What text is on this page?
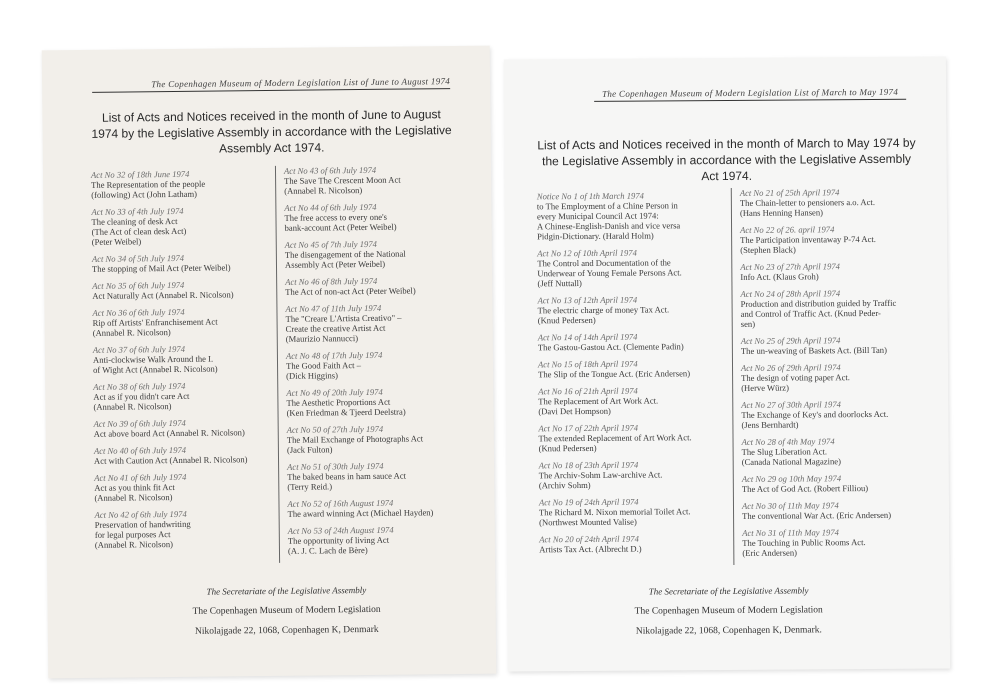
The Copenhagen Museum of Modern Legislation List of June to August 1974
List of Acts and Notices received in the month of June to August 1974 by the Legislative Assembly in accordance with the Legislative Assembly Act 1974.
Act No 32 of 18th June 1974
The Representation of the people
(following) Act (John Latham)
Act No 33 of 4th July 1974
The cleaning of desk Act
(The Act of clean desk Act)
(Peter Weibel)
Act No 34 of 5th July 1974
The stopping of Mail Act (Peter Weibel)
Act No 35 of 6th July 1974
Act Naturally Act (Annabel R. Nicolson)
Act No 36 of 6th July 1974
Rip off Artists' Enfranchisement Act
(Annabel R. Nicolson)
Act No 37 of 6th July 1974
Anti-clockwise Walk Around the I.
of Wight Act (Annabel R. Nicolson)
Act No 38 of 6th July 1974
Act as if you didn't care Act
(Annabel R. Nicolson)
Act No 39 of 6th July 1974
Act above board Act (Annabel R. Nicolson)
Act No 40 of 6th July 1974
Act with Caution Act (Annabel R. Nicolson)
Act No 41 of 6th July 1974
Act as you think fit Act
(Annabel R. Nicolson)
Act No 42 of 6th July 1974
Preservation of handwriting
for legal purposes Act
(Annabel R. Nicolson)
Act No 43 of 6th July 1974
The Save The Crescent Moon Act
(Annabel R. Nicolson)
Act No 44 of 6th July 1974
The free access to every one's
bank-account Act (Peter Weibel)
Act No 45 of 7th July 1974
The disengagement of the National
Assembly Act (Peter Weibel)
Act No 46 of 8th July 1974
The Act of non-act Act (Peter Weibel)
Act No 47 of 11th July 1974
The "Creare L'Artista Creativo" –
Create the creative Artist Act
(Maurizio Nannucci)
Act No 48 of 17th July 1974
The Good Faith Act –
(Dick Higgins)
Act No 49 of 20th July 1974
The Aesthetic Proportions Act
(Ken Friedman & Tjeerd Deelstra)
Act No 50 of 27th July 1974
The Mail Exchange of Photographs Act
(Jack Fulton)
Act No 51 of 30th July 1974
The baked beans in ham sauce Act
(Terry Reid.)
Act No 52 of 16th August 1974
The award winning Act (Michael Hayden)
Act No 53 of 24th August 1974
The opportunity of living Act
(A. J. C. Lach de Bère)
The Secretariate of the Legislative Assembly
The Copenhagen Museum of Modern Legislation
Nikolajgade 22, 1068, Copenhagen K, Denmark
The Copenhagen Museum of Modern Legislation List of March to May 1974
List of Acts and Notices received in the month of March to May 1974 by the Legislative Assembly in accordance with the Legislative Assembly Act 1974.
Notice No 1 of 1th March 1974
to The Employment of a Chine Person in
every Municipal Council Act 1974:
A Chinese-English-Danish and vice versa
Pidgin-Dictionary. (Harald Holm)
Act No 12 of 10th April 1974
The Control and Documentation of the
Underwear of Young Female Persons Act.
(Jeff Nuttall)
Act No 13 of 12th April 1974
The electric charge of money Tax Act.
(Knud Pedersen)
Act No 14 of 14th April 1974
The Gastou-Gastou Act. (Clemente Padin)
Act No 15 of 18th April 1974
The Slip of the Tongue Act. (Eric Andersen)
Act No 16 of 21th April 1974
The Replacement of Art Work Act.
(Davi Det Hompson)
Act No 17 of 22th April 1974
The extended Replacement of Art Work Act.
(Knud Pedersen)
Act No 18 of 23th April 1974
The Archiv-Sohm Law-archive Act.
(Archiv Sohm)
Act No 19 of 24th April 1974
The Richard M. Nixon memorial Toilet Act.
(Northwest Mounted Valise)
Act No 20 of 24th April 1974
Artists Tax Act. (Albrecht D.)
Act No 21 of 25th April 1974
The Chain-letter to pensioners a.o. Act.
(Hans Henning Hansen)
Act No 22 of 26. april 1974
The Participation inventaway P-74 Act.
(Stephen Black)
Act No 23 of 27th April 1974
Info Act. (Klaus Groh)
Act No 24 of 28th April 1974
Production and distribution guided by Traffic
and Control of Traffic Act. (Knud Peder-
sen)
Act No 25 of 29th April 1974
The un-weaving of Baskets Act. (Bill Tan)
Act No 26 of 29th April 1974
The design of voting paper Act.
(Herve Würz)
Act No 27 of 30th April 1974
The Exchange of Key's and doorlocks Act.
(Jens Bernhardt)
Act No 28 of 4th May 1974
The Slug Liberation Act.
(Canada National Magazine)
Act No 29 og 10th May 1974
The Act of God Act. (Robert Filliou)
Act No 30 of 11th May 1974
The conventional War Act. (Eric Andersen)
Act No 31 of 11th May 1974
The Touching in Public Rooms Act.
(Eric Andersen)
The Secretariate of the Legislative Assembly
The Copenhagen Museum of Modern Legislation
Nikolajgade 22, 1068, Copenhagen K, Denmark.
